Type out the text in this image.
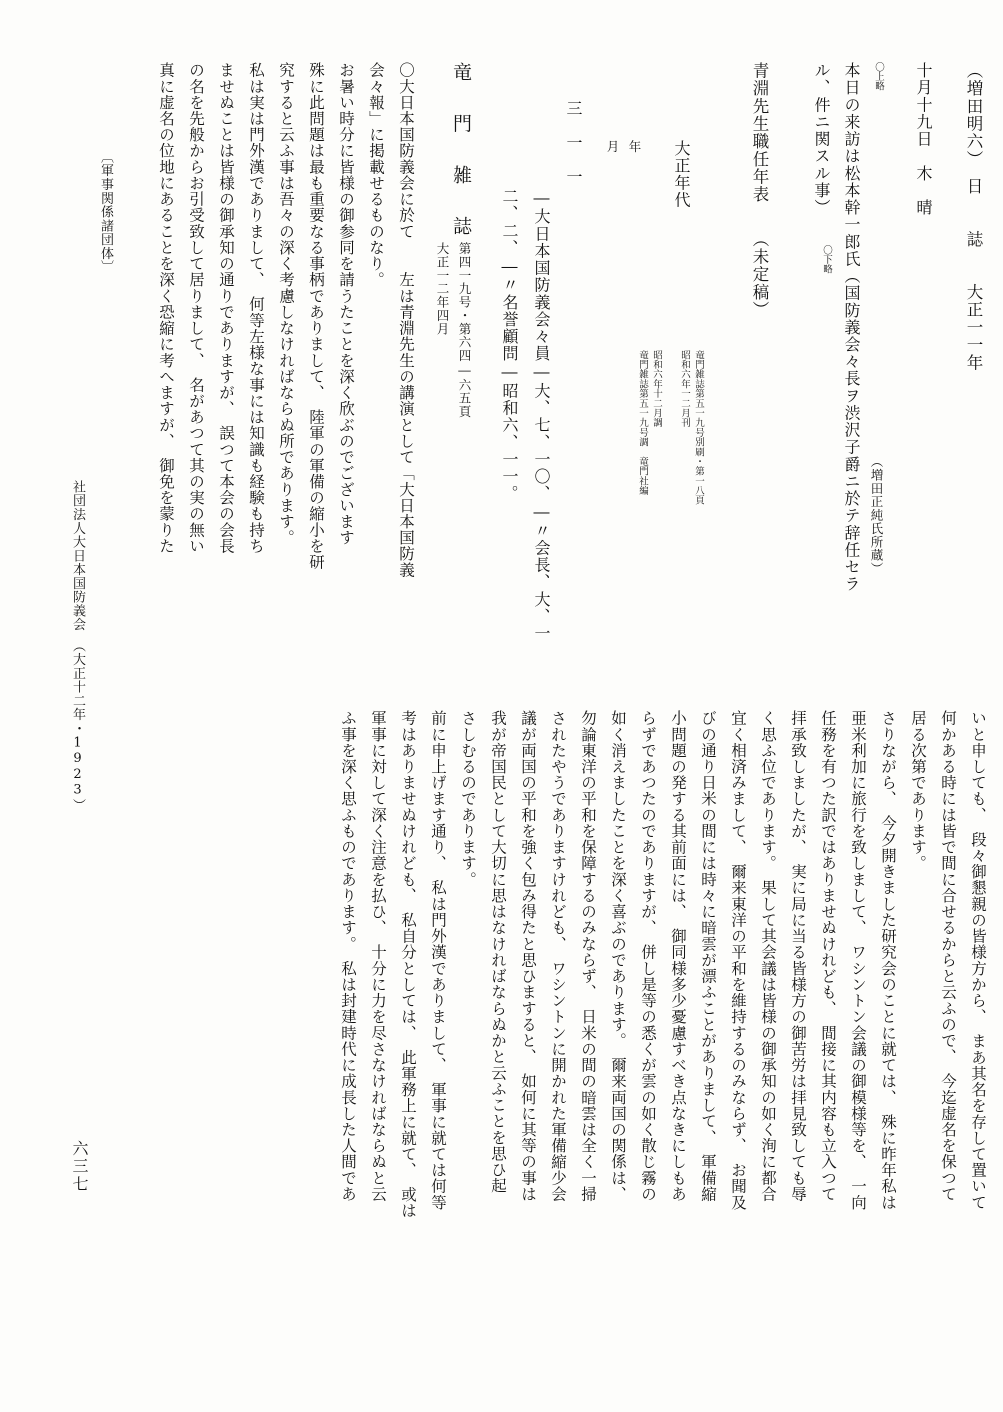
（増田明六）　日　　誌　　大正一一年
（増田正純氏所蔵）
十月十九日　木　晴
〇上略
本日の来訪は松本幹一郎氏（国防義会々長ヲ渋沢子爵ニ於テ辞任セラ
ル、件ニ関スル事）
〇下略
青淵先生職任年表　　（未定稿）
竜門雑誌第五一九号別刷・第一八頁
昭和六年一二月刊
昭和六年十二月調
竜門雑誌第五一九号調　竜門社編
大正年代
年
月
三　一　一
―大日本国防義会々員―大、七、一〇、―〃会長、大、一
二、二、―〃名誉顧問―昭和六、一一。
竜　門　雑　誌
第四一九号・第六四―六五頁
大正一二年四月
〇大日本国防義会に於て　　左は青淵先生の講演として「大日本国防義
会々報」に掲載せるものなり。
お暑い時分に皆様の御参同を請うたことを深く欣ぶのでございます
殊に此問題は最も重要なる事柄でありまして、　陸軍の軍備の縮小を研
究すると云ふ事は吾々の深く考慮しなければならぬ所であります。
私は実は門外漢でありまして、　何等左様な事には知識も経験も持ち
ませぬことは皆様の御承知の通りでありますが、　誤つて本会の会長
の名を先般からお引受致して居りまして、　名があつて其の実の無い
真に虚名の位地にあることを深く恐縮に考へますが、　御免を蒙りた
〔軍事関係諸団体〕
社団法人大日本国防義会　（大正十二年・1923）
いと申しても、　段々御懇親の皆様方から、　まあ其名を存して置いて
何かある時には皆で間に合せるからと云ふので、　今迄虚名を保つて
居る次第であります。
さりながら、　今夕開きました研究会のことに就ては、　殊に昨年私は
亜米利加に旅行を致しまして、　ワシントン会議の御模様等を、　一向
任務を有つた訳ではありませぬけれども、　間接に其内容も立入つて
拝承致しましたが、　実に局に当る皆様方の御苦労は拝見致しても辱
く思ふ位であります。　果して其会議は皆様の御承知の如く洵に都合
宜く相済みまして、　爾来東洋の平和を維持するのみならず、　お聞及
びの通り日米の間には時々に暗雲が漂ふことがありまして、　軍備縮
小問題の発する其前面には、　御同様多少憂慮すべき点なきにしもあ
らずであつたのでありますが、　併し是等の悉くが雲の如く散じ霧の
如く消えましたことを深く喜ぶのであります。　爾来両国の関係は、
勿論東洋の平和を保障するのみならず、　日米の間の暗雲は全く一掃
されたやうでありますけれども、　ワシントンに開かれた軍備縮少会
議が両国の平和を強く包み得たと思ひますると、　如何に其等の事は
我が帝国民として大切に思はなければならぬかと云ふことを思ひ起
さしむるのであります。
前に申上げます通り、　私は門外漢でありまして、　軍事に就ては何等
考はありませぬけれども、　私自分としては、　此軍務上に就て、　或は
軍事に対して深く注意を払ひ、　十分に力を尽さなければならぬと云
ふ事を深く思ふものであります。　私は封建時代に成長した人間であ
六三七
